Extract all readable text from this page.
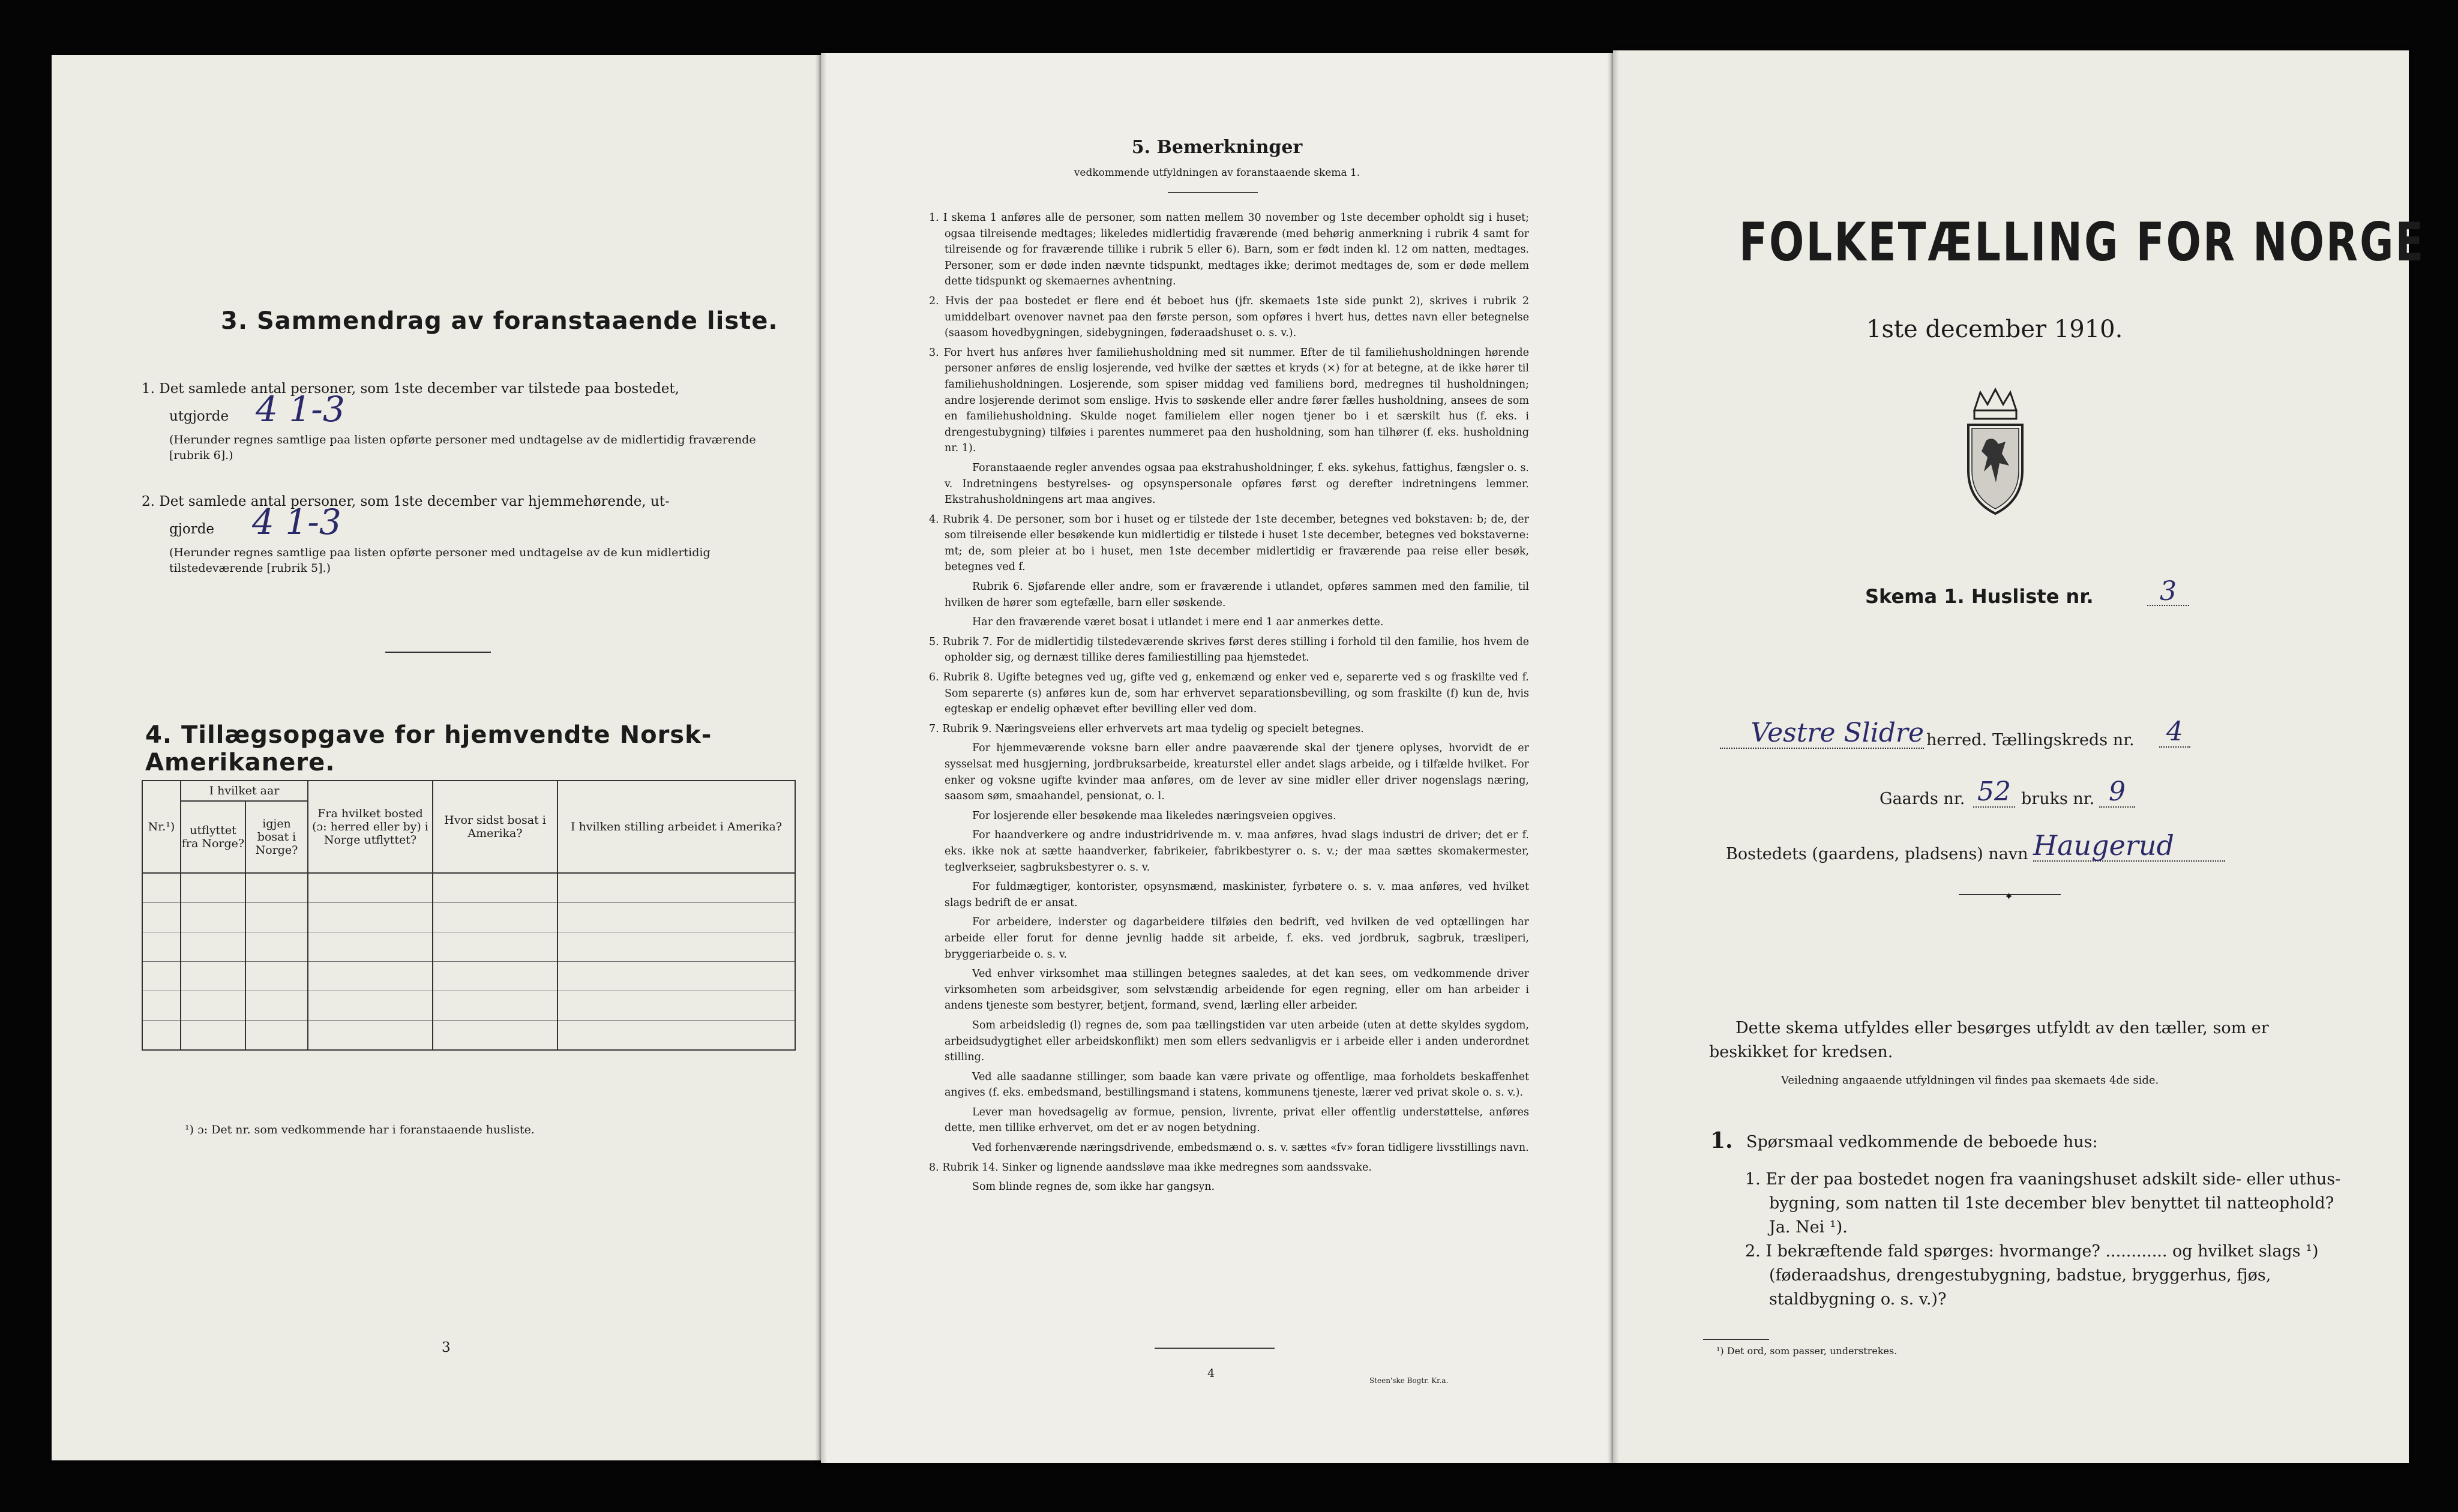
3. Sammendrag av foranstaaende liste.
1. Det samlede antal personer, som 1ste december var tilstede paa bostedet,
utgjorde 4 1-3
(Herunder regnes samtlige paa listen opførte personer med undtagelse av de midlertidig fraværende [rubrik 6].)
2. Det samlede antal personer, som 1ste december var hjemmehørende, ut-
gjorde 4 1-3
(Herunder regnes samtlige paa listen opførte personer med undtagelse av de kun midlertidig tilstedeværende [rubrik 5].)
4. Tillægsopgave for hjemvendte Norsk-Amerikanere.
Nr.¹)	I hvilket aar		Fra hvilket bosted (ɔ: herred eller by) i Norge utflyttet?	Hvor sidst bosat i Amerika?	I hvilken stilling arbeidet i Amerika?
	utflyttet fra Norge?	igjen bosat i Norge?			

¹) ɔ: Det nr. som vedkommende har i foranstaaende husliste.
3
5. Bemerkninger
vedkommende utfyldningen av foranstaaende skema 1.

1. I skema 1 anføres alle de personer, som natten mellem 30 november og 1ste december opholdt sig i huset; ogsaa tilreisende medtages; likeledes midlertidig fraværende (med behørig anmerkning i rubrik 4 samt for tilreisende og for fraværende tillike i rubrik 5 eller 6). Barn, som er født inden kl. 12 om natten, medtages. Personer, som er døde inden nævnte tidspunkt, medtages ikke; derimot medtages de, som er døde mellem dette tidspunkt og skemaernes avhentning.

2. Hvis der paa bostedet er flere end ét beboet hus (jfr. skemaets 1ste side punkt 2), skrives i rubrik 2 umiddelbart ovenover navnet paa den første person, som opføres i hvert hus, dettes navn eller betegnelse (saasom hovedbygningen, sidebygningen, føderaadshuset o. s. v.).

3. For hvert hus anføres hver familiehusholdning med sit nummer. Efter de til familiehusholdningen hørende personer anføres de enslig losjerende, ved hvilke der sættes et kryds (×) for at betegne, at de ikke hører til familiehusholdningen. Losjerende, som spiser middag ved familiens bord, medregnes til husholdningen; andre losjerende derimot som enslige. Hvis to søskende eller andre fører fælles husholdning, ansees de som en familiehusholdning. Skulde noget familielem eller nogen tjener bo i et særskilt hus (f. eks. i drengestubygning) tilføies i parentes nummeret paa den husholdning, som han tilhører (f. eks. husholdning nr. 1).

Foranstaaende regler anvendes ogsaa paa ekstrahusholdninger, f. eks. sykehus, fattighus, fængsler o. s. v. Indretningens bestyrelses- og opsynspersonale opføres først og derefter indretningens lemmer. Ekstrahusholdningens art maa angives.

4. Rubrik 4. De personer, som bor i huset og er tilstede der 1ste december, betegnes ved bokstaven: b; de, der som tilreisende eller besøkende kun midlertidig er tilstede i huset 1ste december, betegnes ved bokstaverne: mt; de, som pleier at bo i huset, men 1ste december midlertidig er fraværende paa reise eller besøk, betegnes ved f.

Rubrik 6. Sjøfarende eller andre, som er fraværende i utlandet, opføres sammen med den familie, til hvilken de hører som egtefælle, barn eller søskende.

Har den fraværende været bosat i utlandet i mere end 1 aar anmerkes dette.

5. Rubrik 7. For de midlertidig tilstedeværende skrives først deres stilling i forhold til den familie, hos hvem de opholder sig, og dernæst tillike deres familiestilling paa hjemstedet.

6. Rubrik 8. Ugifte betegnes ved ug, gifte ved g, enkemænd og enker ved e, separerte ved s og fraskilte ved f. Som separerte (s) anføres kun de, som har erhvervet separationsbevilling, og som fraskilte (f) kun de, hvis egteskap er endelig ophævet efter bevilling eller ved dom.

7. Rubrik 9. Næringsveiens eller erhvervets art maa tydelig og specielt betegnes.

For hjemmeværende voksne barn eller andre paaværende skal der tjenere oplyses, hvorvidt de er sysselsat med husgjerning, jordbruksarbeide, kreaturstel eller andet slags arbeide, og i tilfælde hvilket. For enker og voksne ugifte kvinder maa anføres, om de lever av sine midler eller driver nogenslags næring, saasom søm, smaahandel, pensionat, o. l.

For losjerende eller besøkende maa likeledes næringsveien opgives.

For haandverkere og andre industridrivende m. v. maa anføres, hvad slags industri de driver; det er f. eks. ikke nok at sætte haandverker, fabrikeier, fabrikbestyrer o. s. v.; der maa sættes skomakermester, teglverkseier, sagbruksbestyrer o. s. v.

For fuldmægtiger, kontorister, opsynsmænd, maskinister, fyrbøtere o. s. v. maa anføres, ved hvilket slags bedrift de er ansat.

For arbeidere, inderster og dagarbeidere tilføies den bedrift, ved hvilken de ved optællingen har arbeide eller forut for denne jevnlig hadde sit arbeide, f. eks. ved jordbruk, sagbruk, træsliperi, bryggeriarbeide o. s. v.

Ved enhver virksomhet maa stillingen betegnes saaledes, at det kan sees, om vedkommende driver virksomheten som arbeidsgiver, som selvstændig arbeidende for egen regning, eller om han arbeider i andens tjeneste som bestyrer, betjent, formand, svend, lærling eller arbeider.

Som arbeidsledig (l) regnes de, som paa tællingstiden var uten arbeide (uten at dette skyldes sygdom, arbeidsudygtighet eller arbeidskonflikt) men som ellers sedvanligvis er i arbeide eller i anden underordnet stilling.

Ved alle saadanne stillinger, som baade kan være private og offentlige, maa forholdets beskaffenhet angives (f. eks. embedsmand, bestillingsmand i statens, kommunens tjeneste, lærer ved privat skole o. s. v.).

Lever man hovedsagelig av formue, pension, livrente, privat eller offentlig understøttelse, anføres dette, men tillike erhvervet, om det er av nogen betydning.

Ved forhenværende næringsdrivende, embedsmænd o. s. v. sættes «fv» foran tidligere livsstillings navn.

8. Rubrik 14. Sinker og lignende aandssløve maa ikke medregnes som aandssvake.

Som blinde regnes de, som ikke har gangsyn.

4
Steen'ske Bogtr. Kr.a.
FOLKETÆLLING FOR NORGE
1ste december 1910.
Skema 1. Husliste nr.	3
Vestre Slidre herred. Tællingskreds nr. 4
Gaards nr. 52 bruks nr. 9
Bostedets (gaardens, pladsens) navn Haugerud
✦
Dette skema utfyldes eller besørges utfyldt av den tæller, som er beskikket for kredsen.
Veiledning angaaende utfyldningen vil findes paa skemaets 4de side.
1. Spørsmaal vedkommende de beboede hus:
1. Er der paa bostedet nogen fra vaaningshuset adskilt side- eller uthus-bygning, som natten til 1ste december blev benyttet til natteophold? Ja. Nei ¹).
2. I bekræftende fald spørges: hvormange? ............ og hvilket slags ¹) (føderaadshus, drengestubygning, badstue, bryggerhus, fjøs, staldbygning o. s. v.)?
¹) Det ord, som passer, understrekes.
